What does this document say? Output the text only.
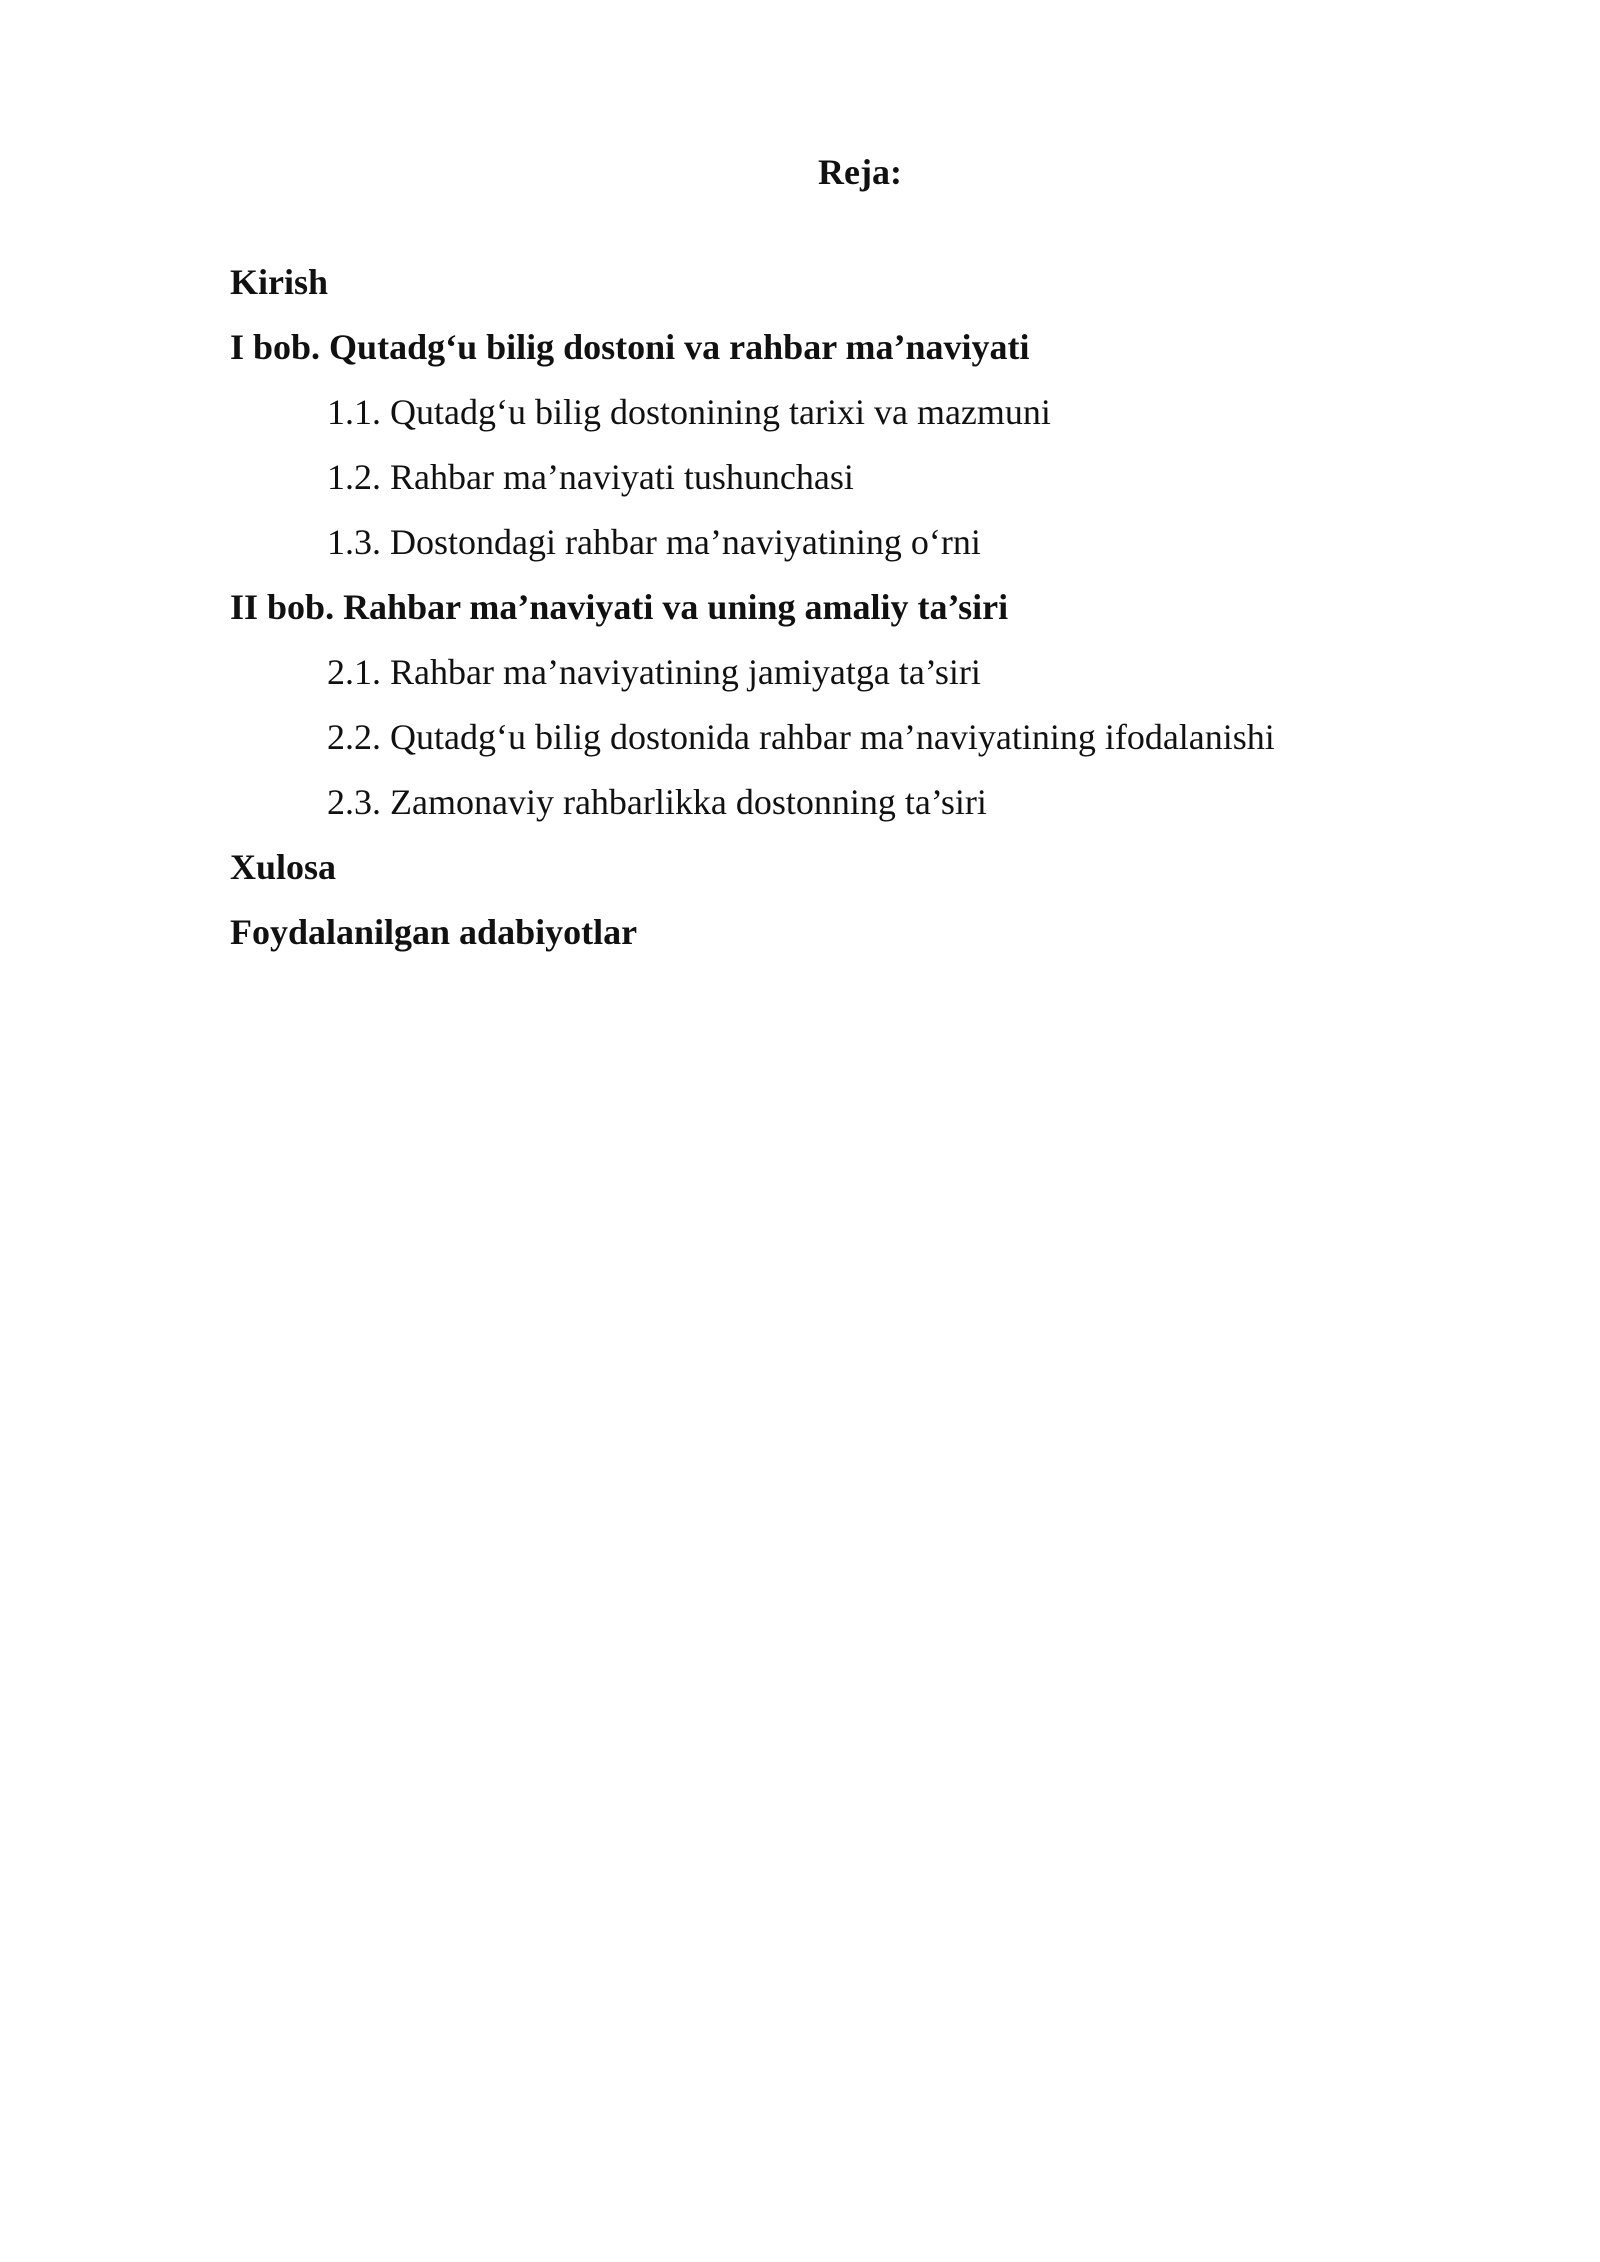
Reja:
Kirish
I bob. Qutadg‘u bilig dostoni va rahbar ma’naviyati
1.1. Qutadg‘u bilig dostonining tarixi va mazmuni
1.2. Rahbar ma’naviyati tushunchasi
1.3. Dostondagi rahbar ma’naviyatining o‘rni
II bob. Rahbar ma’naviyati va uning amaliy ta’siri
2.1. Rahbar ma’naviyatining jamiyatga ta’siri
2.2. Qutadg‘u bilig dostonida rahbar ma’naviyatining ifodalanishi
2.3. Zamonaviy rahbarlikka dostonning ta’siri
Xulosa
Foydalanilgan adabiyotlar
